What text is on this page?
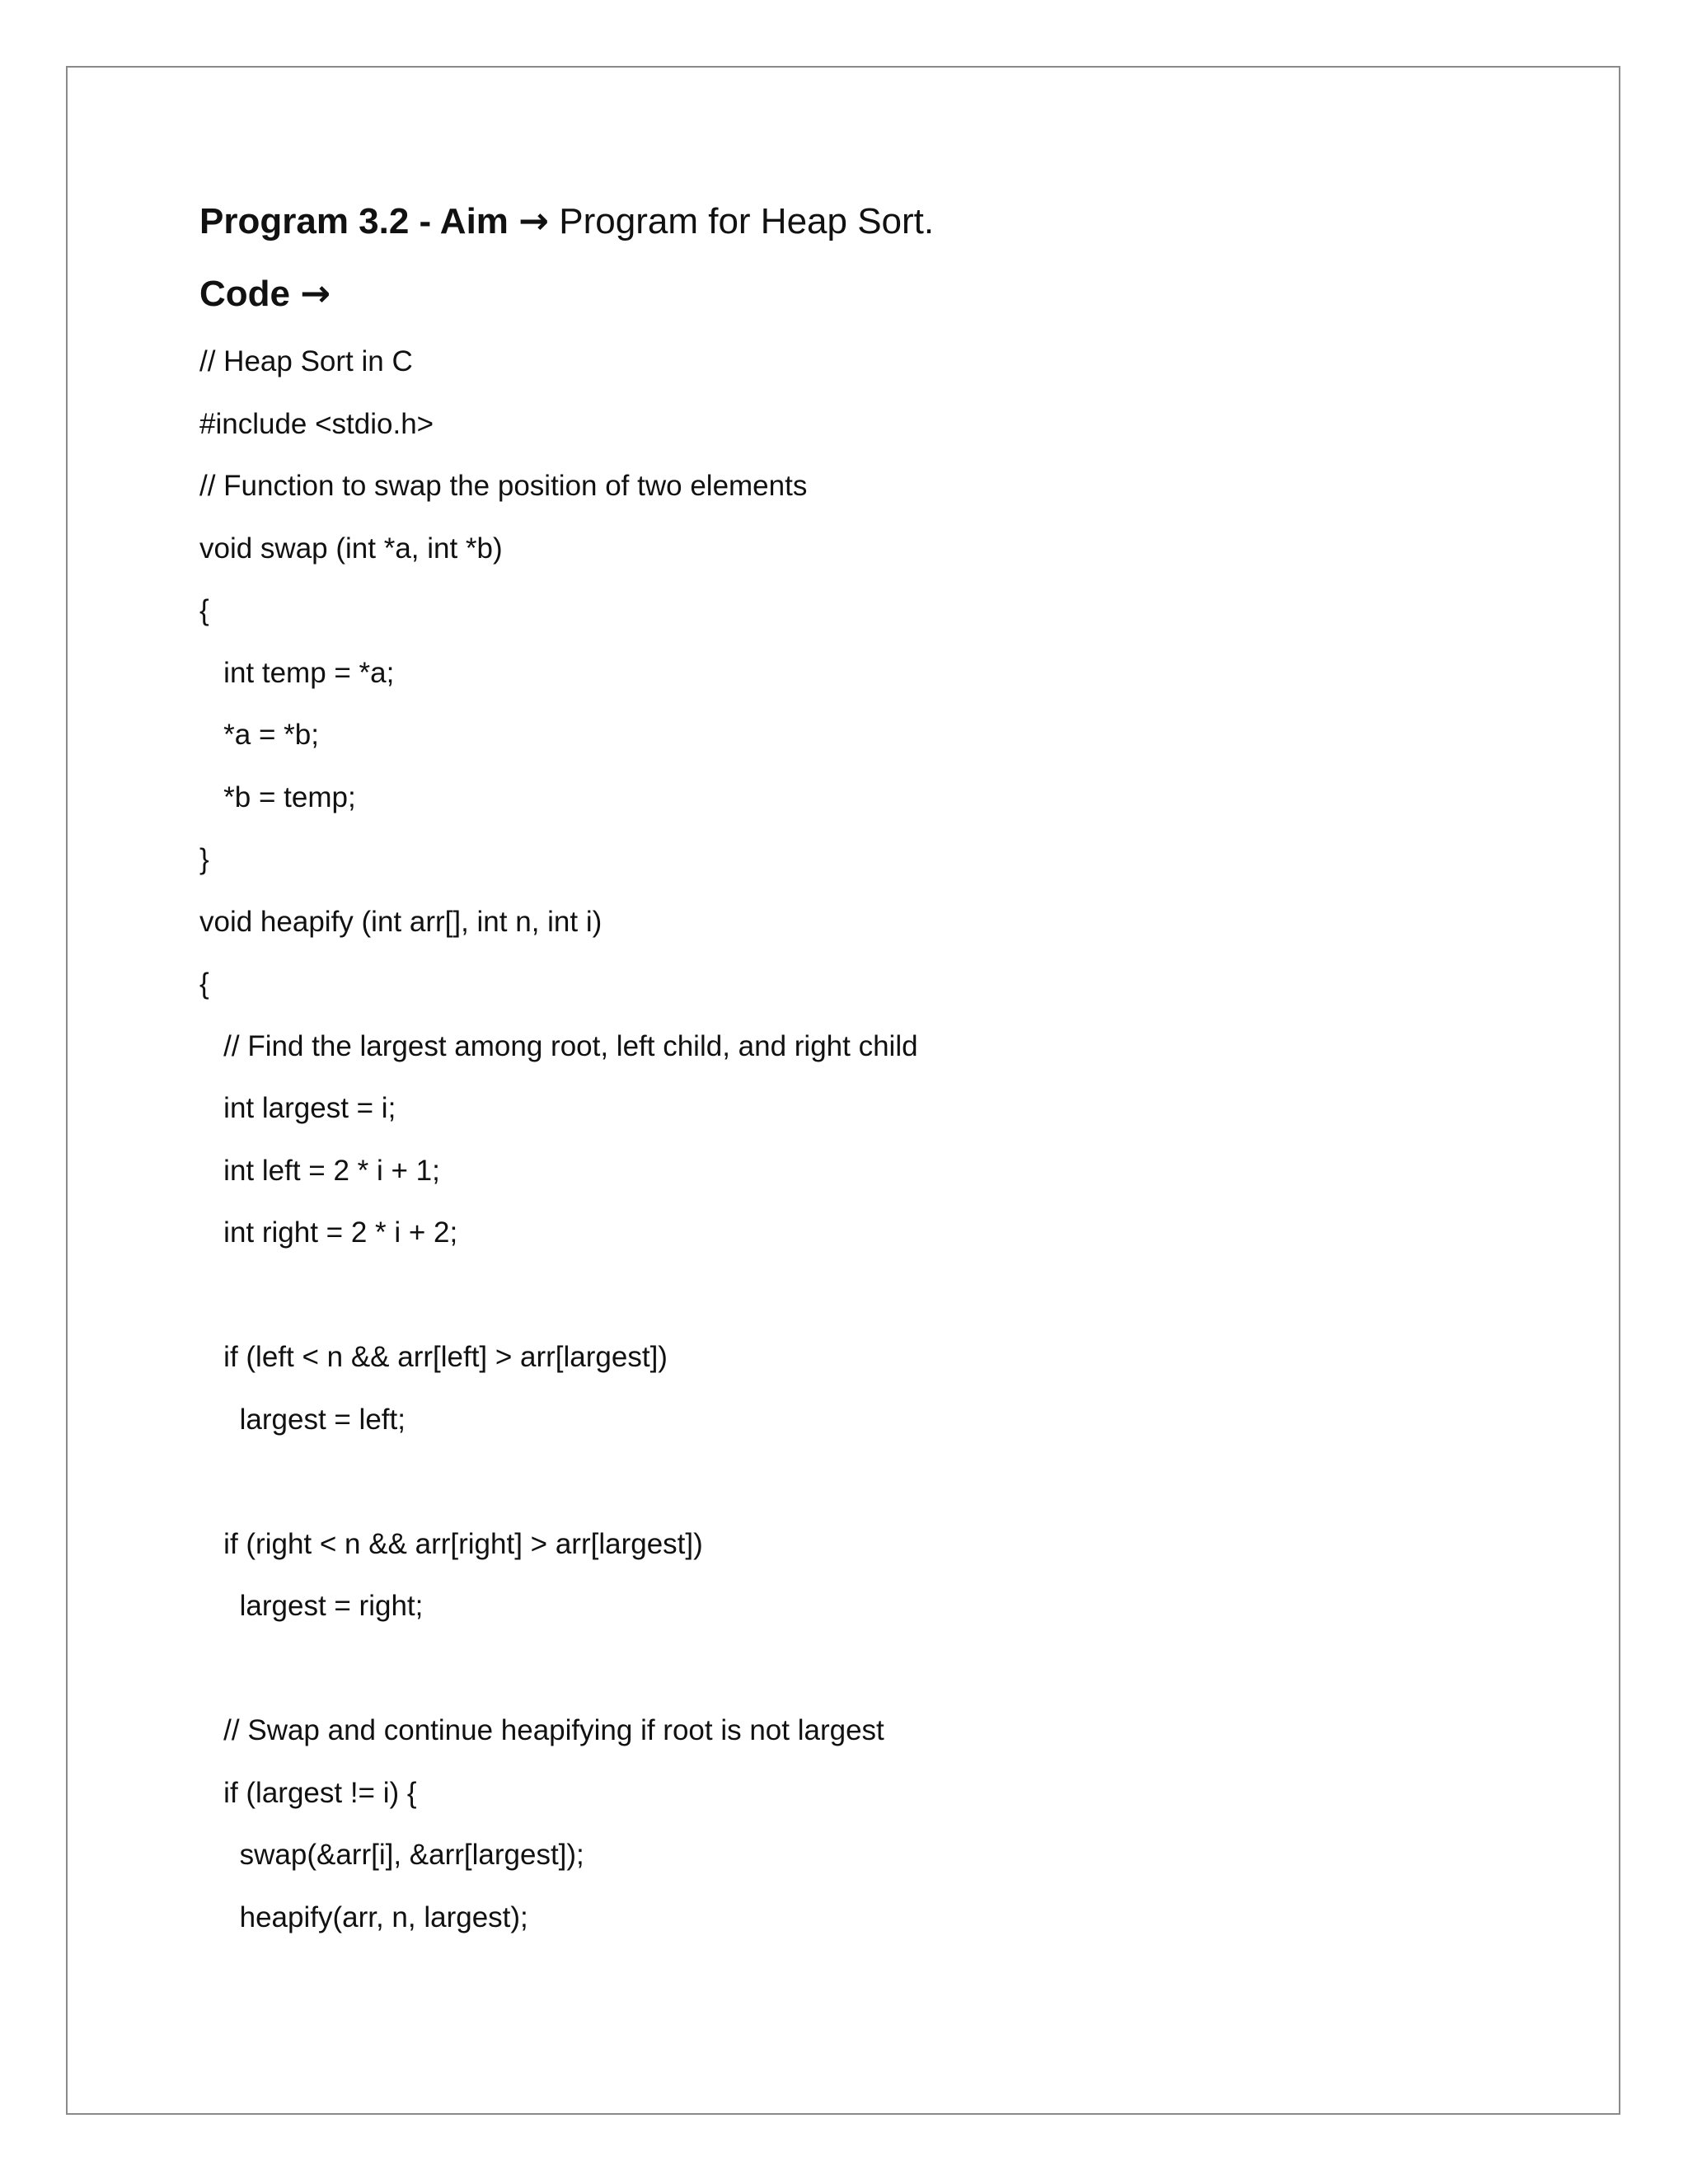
Program 3.2 - Aim → Program for Heap Sort.
Code →
// Heap Sort in C
#include <stdio.h>
// Function to swap the position of two elements
void swap (int *a, int *b)
{
int temp = *a;
*a = *b;
*b = temp;
}
void heapify (int arr[], int n, int i)
{
// Find the largest among root, left child, and right child
int largest = i;
int left = 2 * i + 1;
int right = 2 * i + 2;
if (left < n && arr[left] > arr[largest])
largest = left;
if (right < n && arr[right] > arr[largest])
largest = right;
// Swap and continue heapifying if root is not largest
if (largest != i) {
swap(&arr[i], &arr[largest]);
heapify(arr, n, largest);
